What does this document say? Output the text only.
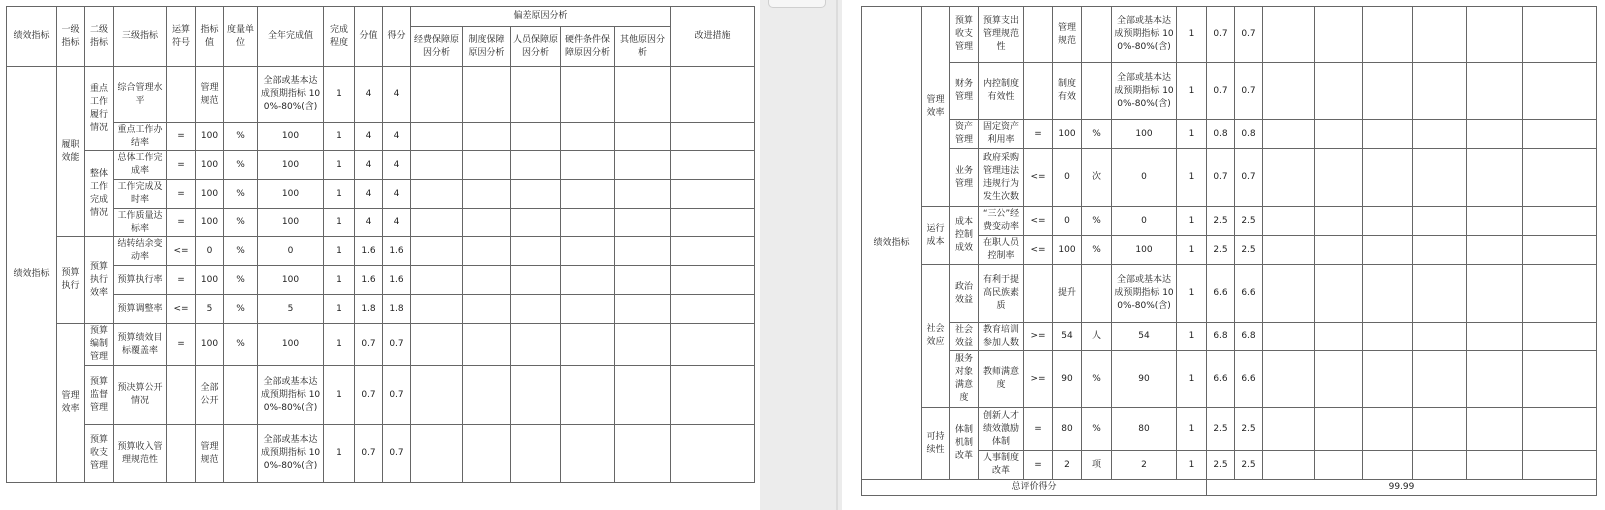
绩效指标	一级指标	二级指标	三级指标	运算符号	指标值	度量单位	全年完成值	完成程度	分值	得分	偏差原因分析					改进措施
											经费保障原因分析	制度保障原因分析	人员保障原因分析	硬件条件保障原因分析	其他原因分析	
绩效指标	履职效能	重点工作履行情况	综合管理水平		管理规范		全部或基本达成预期指标 100%-80%(含)	1	4	4						
			重点工作办结率	=	100	%	100	1	4	4						
		整体工作完成情况	总体工作完成率	=	100	%	100	1	4	4						
			工作完成及时率	=	100	%	100	1	4	4						
			工作质量达标率	=	100	%	100	1	4	4						
	预算执行	预算执行效率	结转结余变动率	<=	0	%	0	1	1.6	1.6						
			预算执行率	=	100	%	100	1	1.6	1.6						
			预算调整率	<=	5	%	5	1	1.8	1.8						
	管理效率	预算编制管理	预算绩效目标覆盖率	=	100	%	100	1	0.7	0.7						
		预算监督管理	预决算公开情况		全部公开		全部或基本达成预期指标 100%-80%(含)	1	0.7	0.7						
		预算收支管理	预算收入管理规范性		管理规范		全部或基本达成预期指标 100%-80%(含)	1	0.7	0.7						
绩效指标	管理效率	预算收支管理	预算支出管理规范性		管理规范		全部或基本达成预期指标 100%-80%(含)	1	0.7	0.7						
		财务管理	内控制度有效性		制度有效		全部或基本达成预期指标 100%-80%(含)	1	0.7	0.7						
		资产管理	固定资产利用率	=	100	%	100	1	0.8	0.8						
		业务管理	政府采购管理违法违规行为发生次数	<=	0	次	0	1	0.7	0.7						
	运行成本	成本控制成效	“三公”经费变动率	<=	0	%	0	1	2.5	2.5						
			在职人员控制率	<=	100	%	100	1	2.5	2.5						
	社会效应	政治效益	有利于提高民族素质		提升		全部或基本达成预期指标 100%-80%(含)	1	6.6	6.6						
		社会效益	教育培训参加人数	>=	54	人	54	1	6.8	6.8						
		服务对象满意度	教师满意度	>=	90	%	90	1	6.6	6.6						
	可持续性	体制机制改革	创新人才绩效激励体制	=	80	%	80	1	2.5	2.5						
			人事制度改革	=	2	项	2	1	2.5	2.5						
总评价得分									99.99							
